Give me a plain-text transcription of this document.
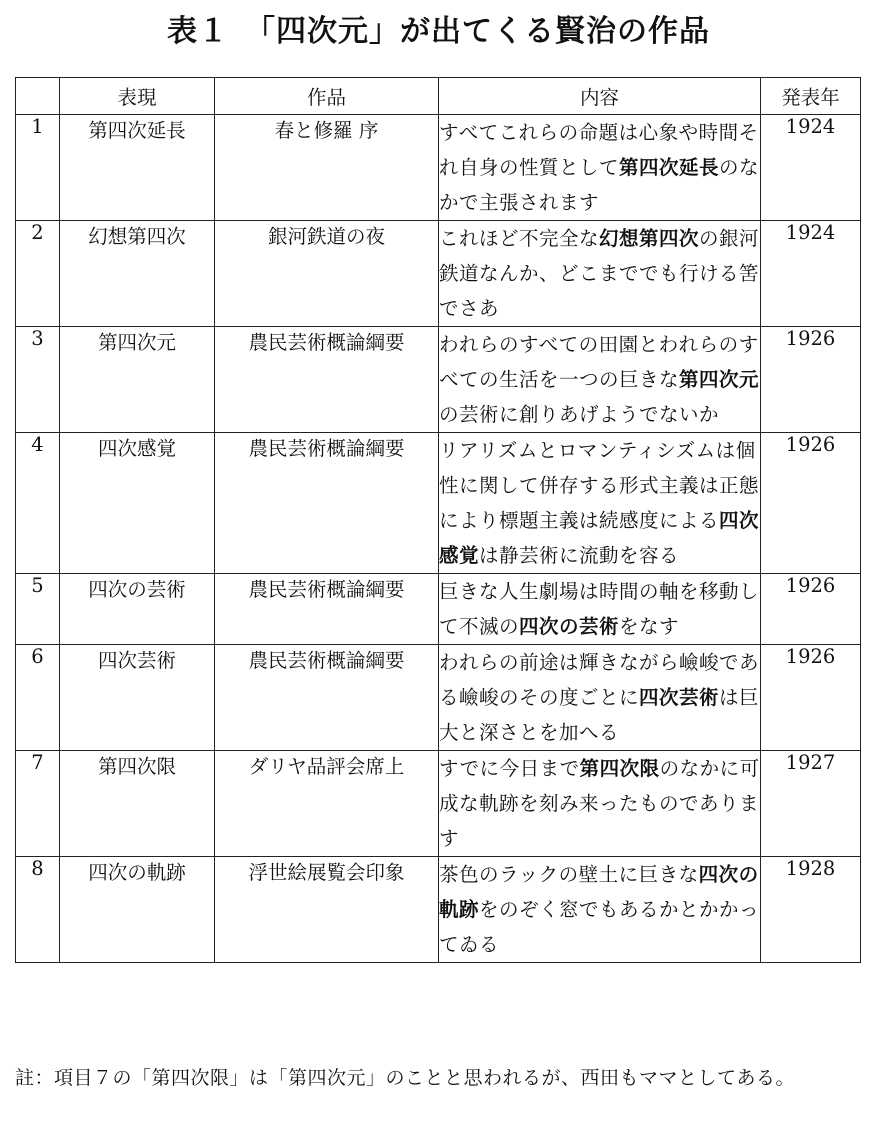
表１　「四次元」が出てくる賢治の作品
	表現	作品	内容	発表年
1	第四次延長	春と修羅 序	すべてこれらの命題は心象や時間それ自身の性質として第四次延長のなかで主張されます	1924
2	幻想第四次	銀河鉄道の夜	これほど不完全な幻想第四次の銀河鉄道なんか、どこまででも行ける筈でさあ	1924
3	第四次元	農民芸術概論綱要	われらのすべての田園とわれらのすべての生活を一つの巨きな第四次元の芸術に創りあげようでないか	1926
4	四次感覚	農民芸術概論綱要	リアリズムとロマンティシズムは個性に関して併存する形式主義は正態により標題主義は続感度による四次感覚は静芸術に流動を容る	1926
5	四次の芸術	農民芸術概論綱要	巨きな人生劇場は時間の軸を移動して不滅の四次の芸術をなす	1926
6	四次芸術	農民芸術概論綱要	われらの前途は輝きながら嶮峻である嶮峻のその度ごとに四次芸術は巨大と深さとを加へる	1926
7	第四次限	ダリヤ品評会席上	すでに今日まで第四次限のなかに可成な軌跡を刻み来ったものであります	1927
8	四次の軌跡	浮世絵展覧会印象	茶色のラックの壁土に巨きな四次の軌跡をのぞく窓でもあるかとかかってゐる	1928
註：項目７の「第四次限」は「第四次元」のことと思われるが、西田もママとしてある。
